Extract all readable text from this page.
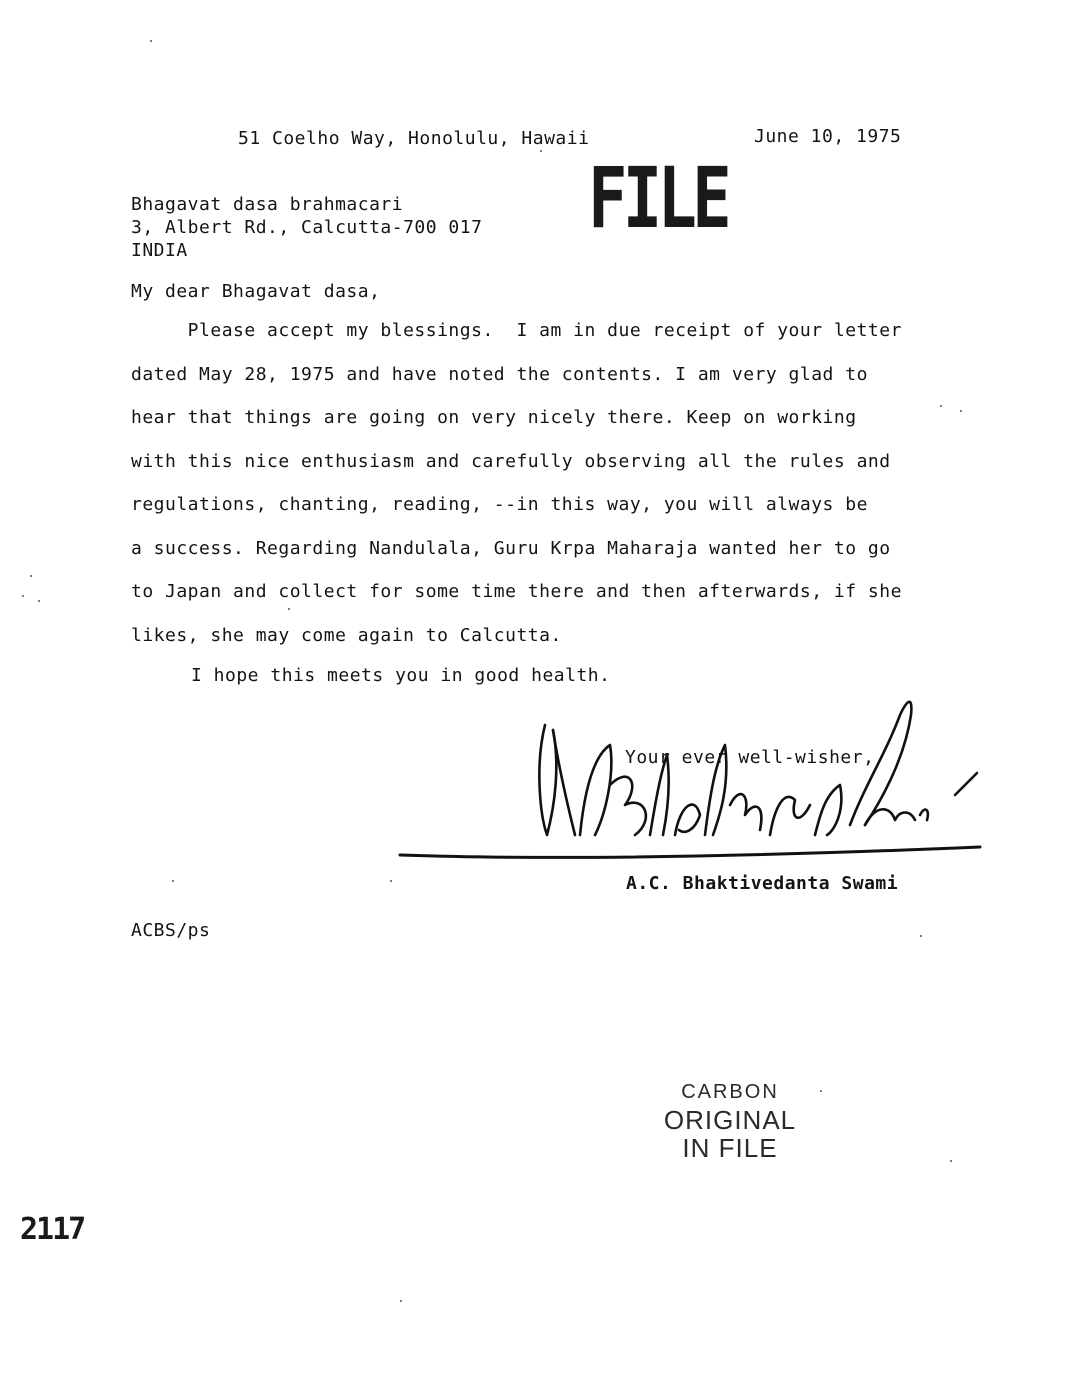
51 Coelho Way, Honolulu, Hawaii	June 10, 1975
FILE
Bhagavat dasa brahmacari
3, Albert Rd., Calcutta-700 017
INDIA
My dear Bhagavat dasa,
Please accept my blessings.  I am in due receipt of your letter
dated May 28, 1975 and have noted the contents. I am very glad to
hear that things are going on very nicely there. Keep on working
with this nice enthusiasm and carefully observing all the rules and
regulations, chanting, reading, --in this way, you will always be
a success. Regarding Nandulala, Guru Krpa Maharaja wanted her to go
to Japan and collect for some time there and then afterwards, if she
likes, she may come again to Calcutta.
I hope this meets you in good health.
Your ever well-wisher,
A.C. Bhaktivedanta Swami
ACBS/ps
CARBON
ORIGINAL
IN FILE
2117
